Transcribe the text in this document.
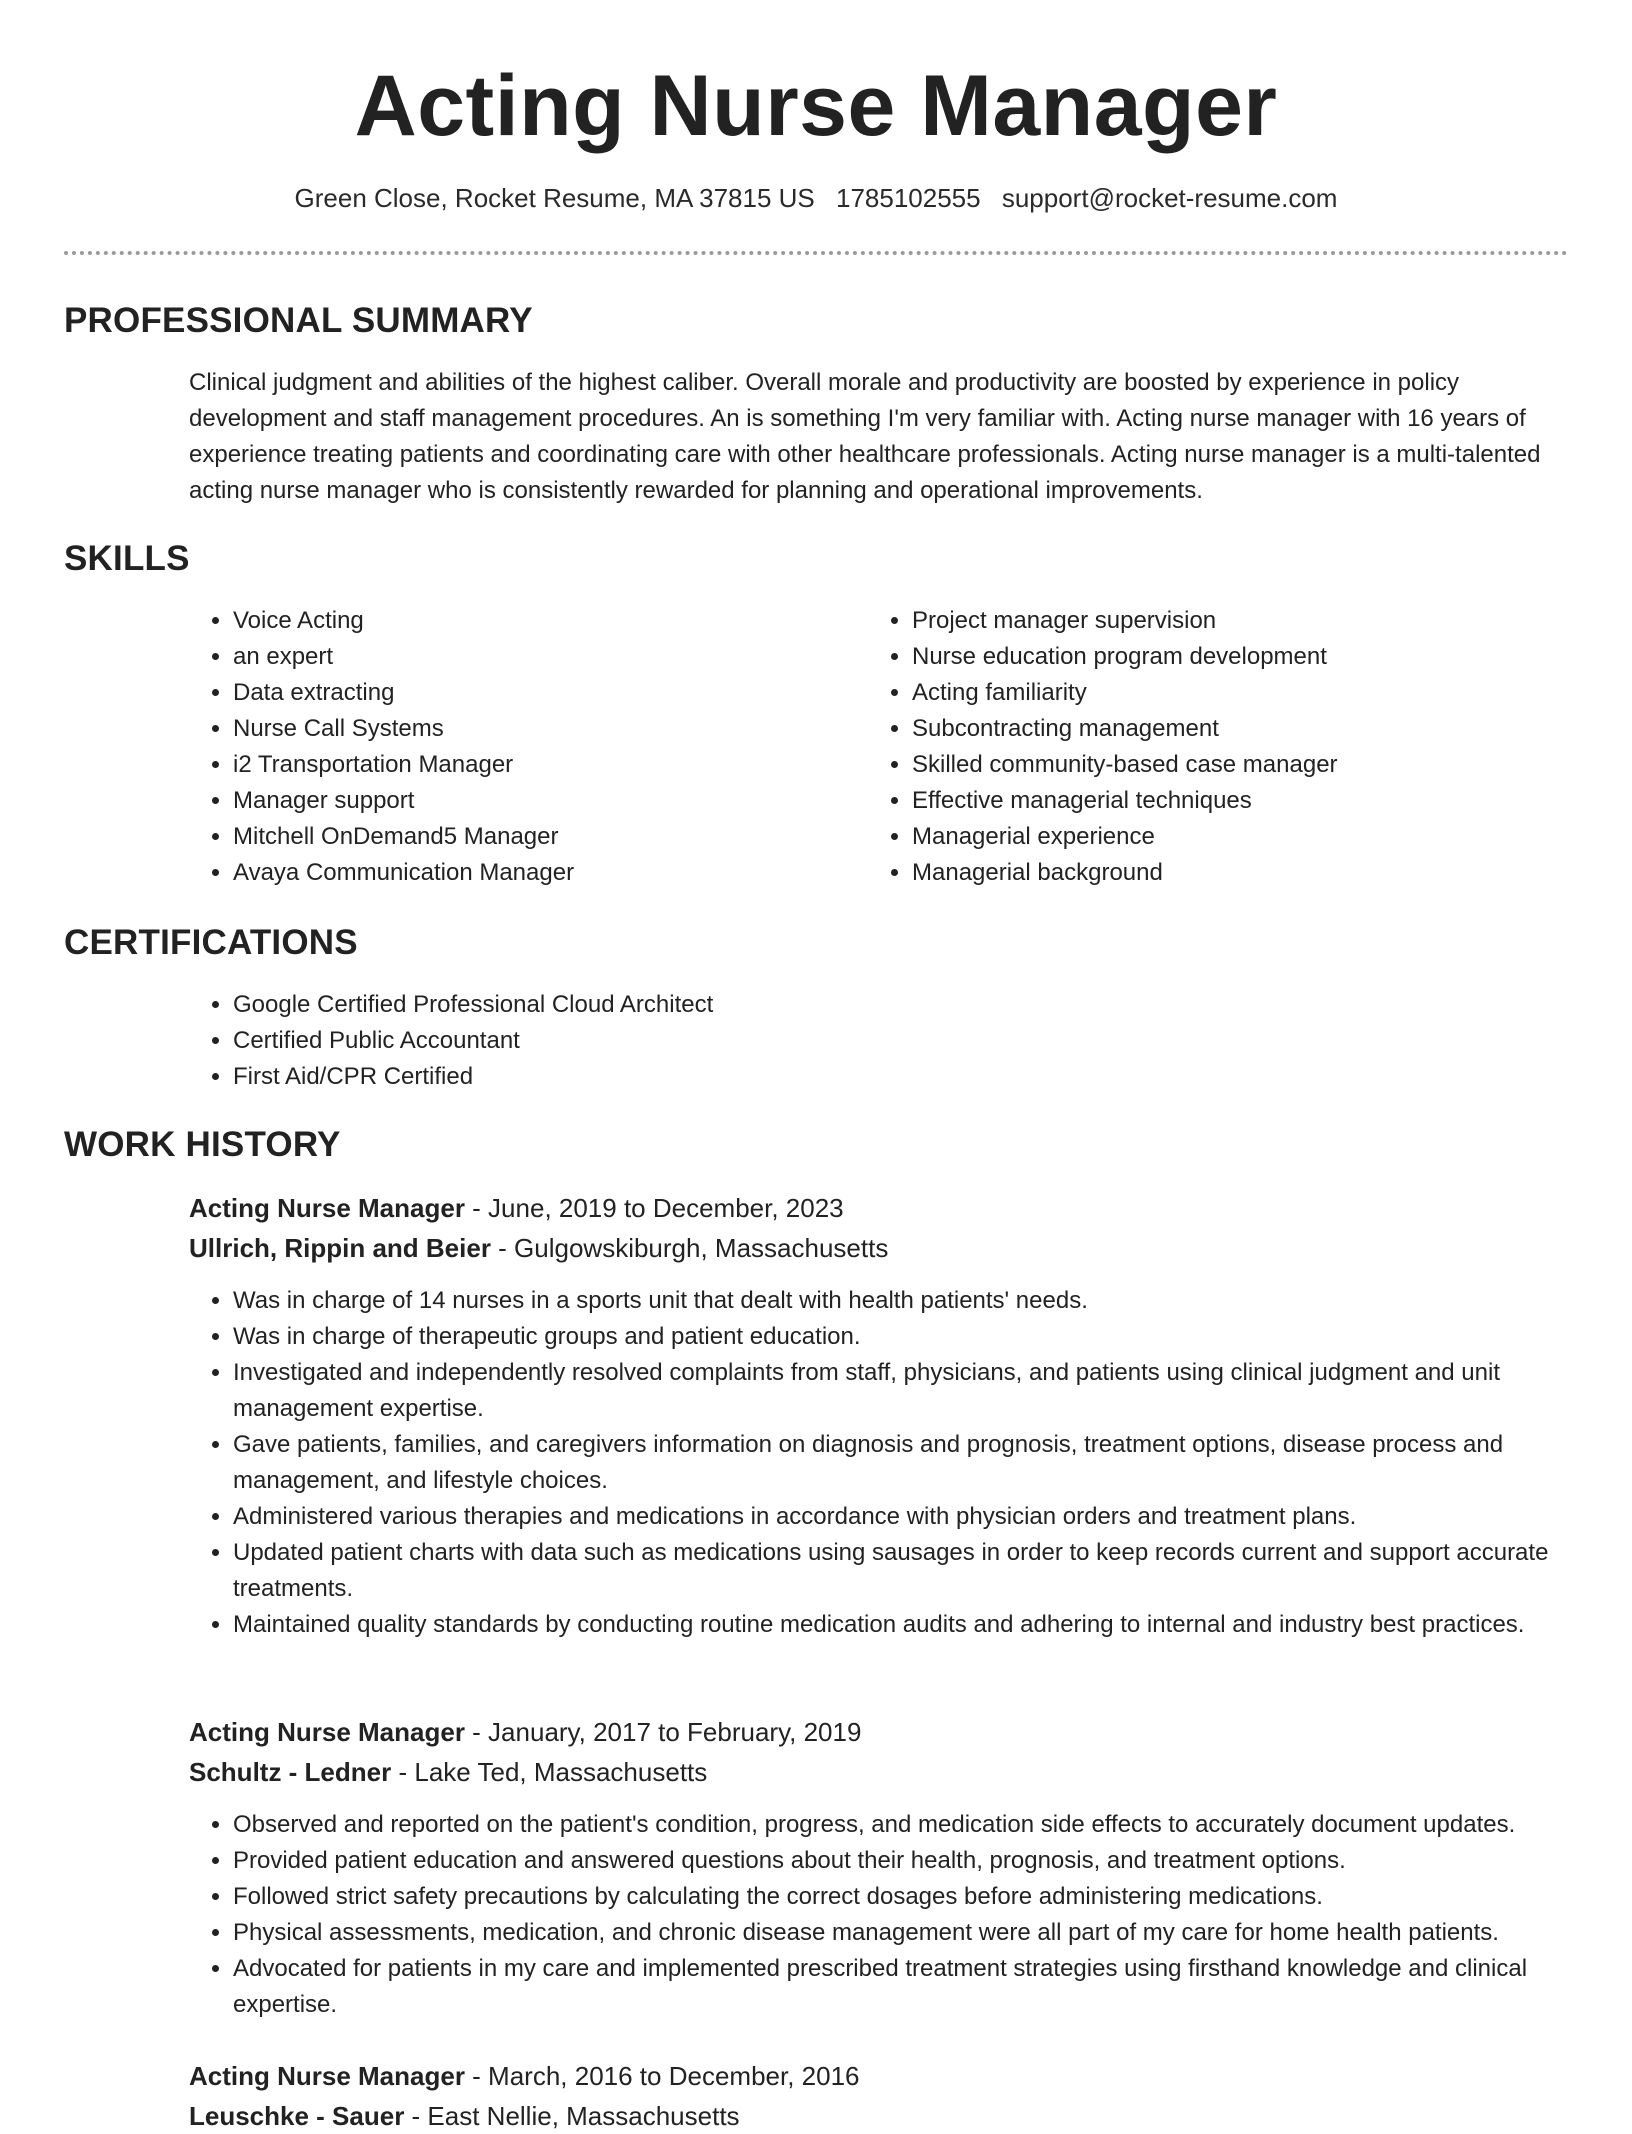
Acting Nurse Manager
Green Close, Rocket Resume, MA 37815 US 1785102555 support@rocket-resume.com
PROFESSIONAL SUMMARY

Clinical judgment and abilities of the highest caliber. Overall morale and productivity are boosted by experience in policy development and staff management procedures. An is something I'm very familiar with. Acting nurse manager with 16 years of experience treating patients and coordinating care with other healthcare professionals. Acting nurse manager is a multi-talented acting nurse manager who is consistently rewarded for planning and operational improvements.

SKILLS
• Voice Acting
• an expert
• Data extracting
• Nurse Call Systems
• i2 Transportation Manager
• Manager support
• Mitchell OnDemand5 Manager
• Avaya Communication Manager
• Project manager supervision
• Nurse education program development
• Acting familiarity
• Subcontracting management
• Skilled community-based case manager
• Effective managerial techniques
• Managerial experience
• Managerial background
CERTIFICATIONS
• Google Certified Professional Cloud Architect
• Certified Public Accountant
• First Aid/CPR Certified
WORK HISTORY
Acting Nurse Manager - June, 2019 to December, 2023
Ullrich, Rippin and Beier - Gulgowskiburgh, Massachusetts
• Was in charge of 14 nurses in a sports unit that dealt with health patients' needs.
• Was in charge of therapeutic groups and patient education.
• Investigated and independently resolved complaints from staff, physicians, and patients using clinical judgment and unit management expertise.
• Gave patients, families, and caregivers information on diagnosis and prognosis, treatment options, disease process and management, and lifestyle choices.
• Administered various therapies and medications in accordance with physician orders and treatment plans.
• Updated patient charts with data such as medications using sausages in order to keep records current and support accurate treatments.
• Maintained quality standards by conducting routine medication audits and adhering to internal and industry best practices.
Acting Nurse Manager - January, 2017 to February, 2019
Schultz - Ledner - Lake Ted, Massachusetts
• Observed and reported on the patient's condition, progress, and medication side effects to accurately document updates.
• Provided patient education and answered questions about their health, prognosis, and treatment options.
• Followed strict safety precautions by calculating the correct dosages before administering medications.
• Physical assessments, medication, and chronic disease management were all part of my care for home health patients.
• Advocated for patients in my care and implemented prescribed treatment strategies using firsthand knowledge and clinical expertise.
Acting Nurse Manager - March, 2016 to December, 2016
Leuschke - Sauer - East Nellie, Massachusetts
